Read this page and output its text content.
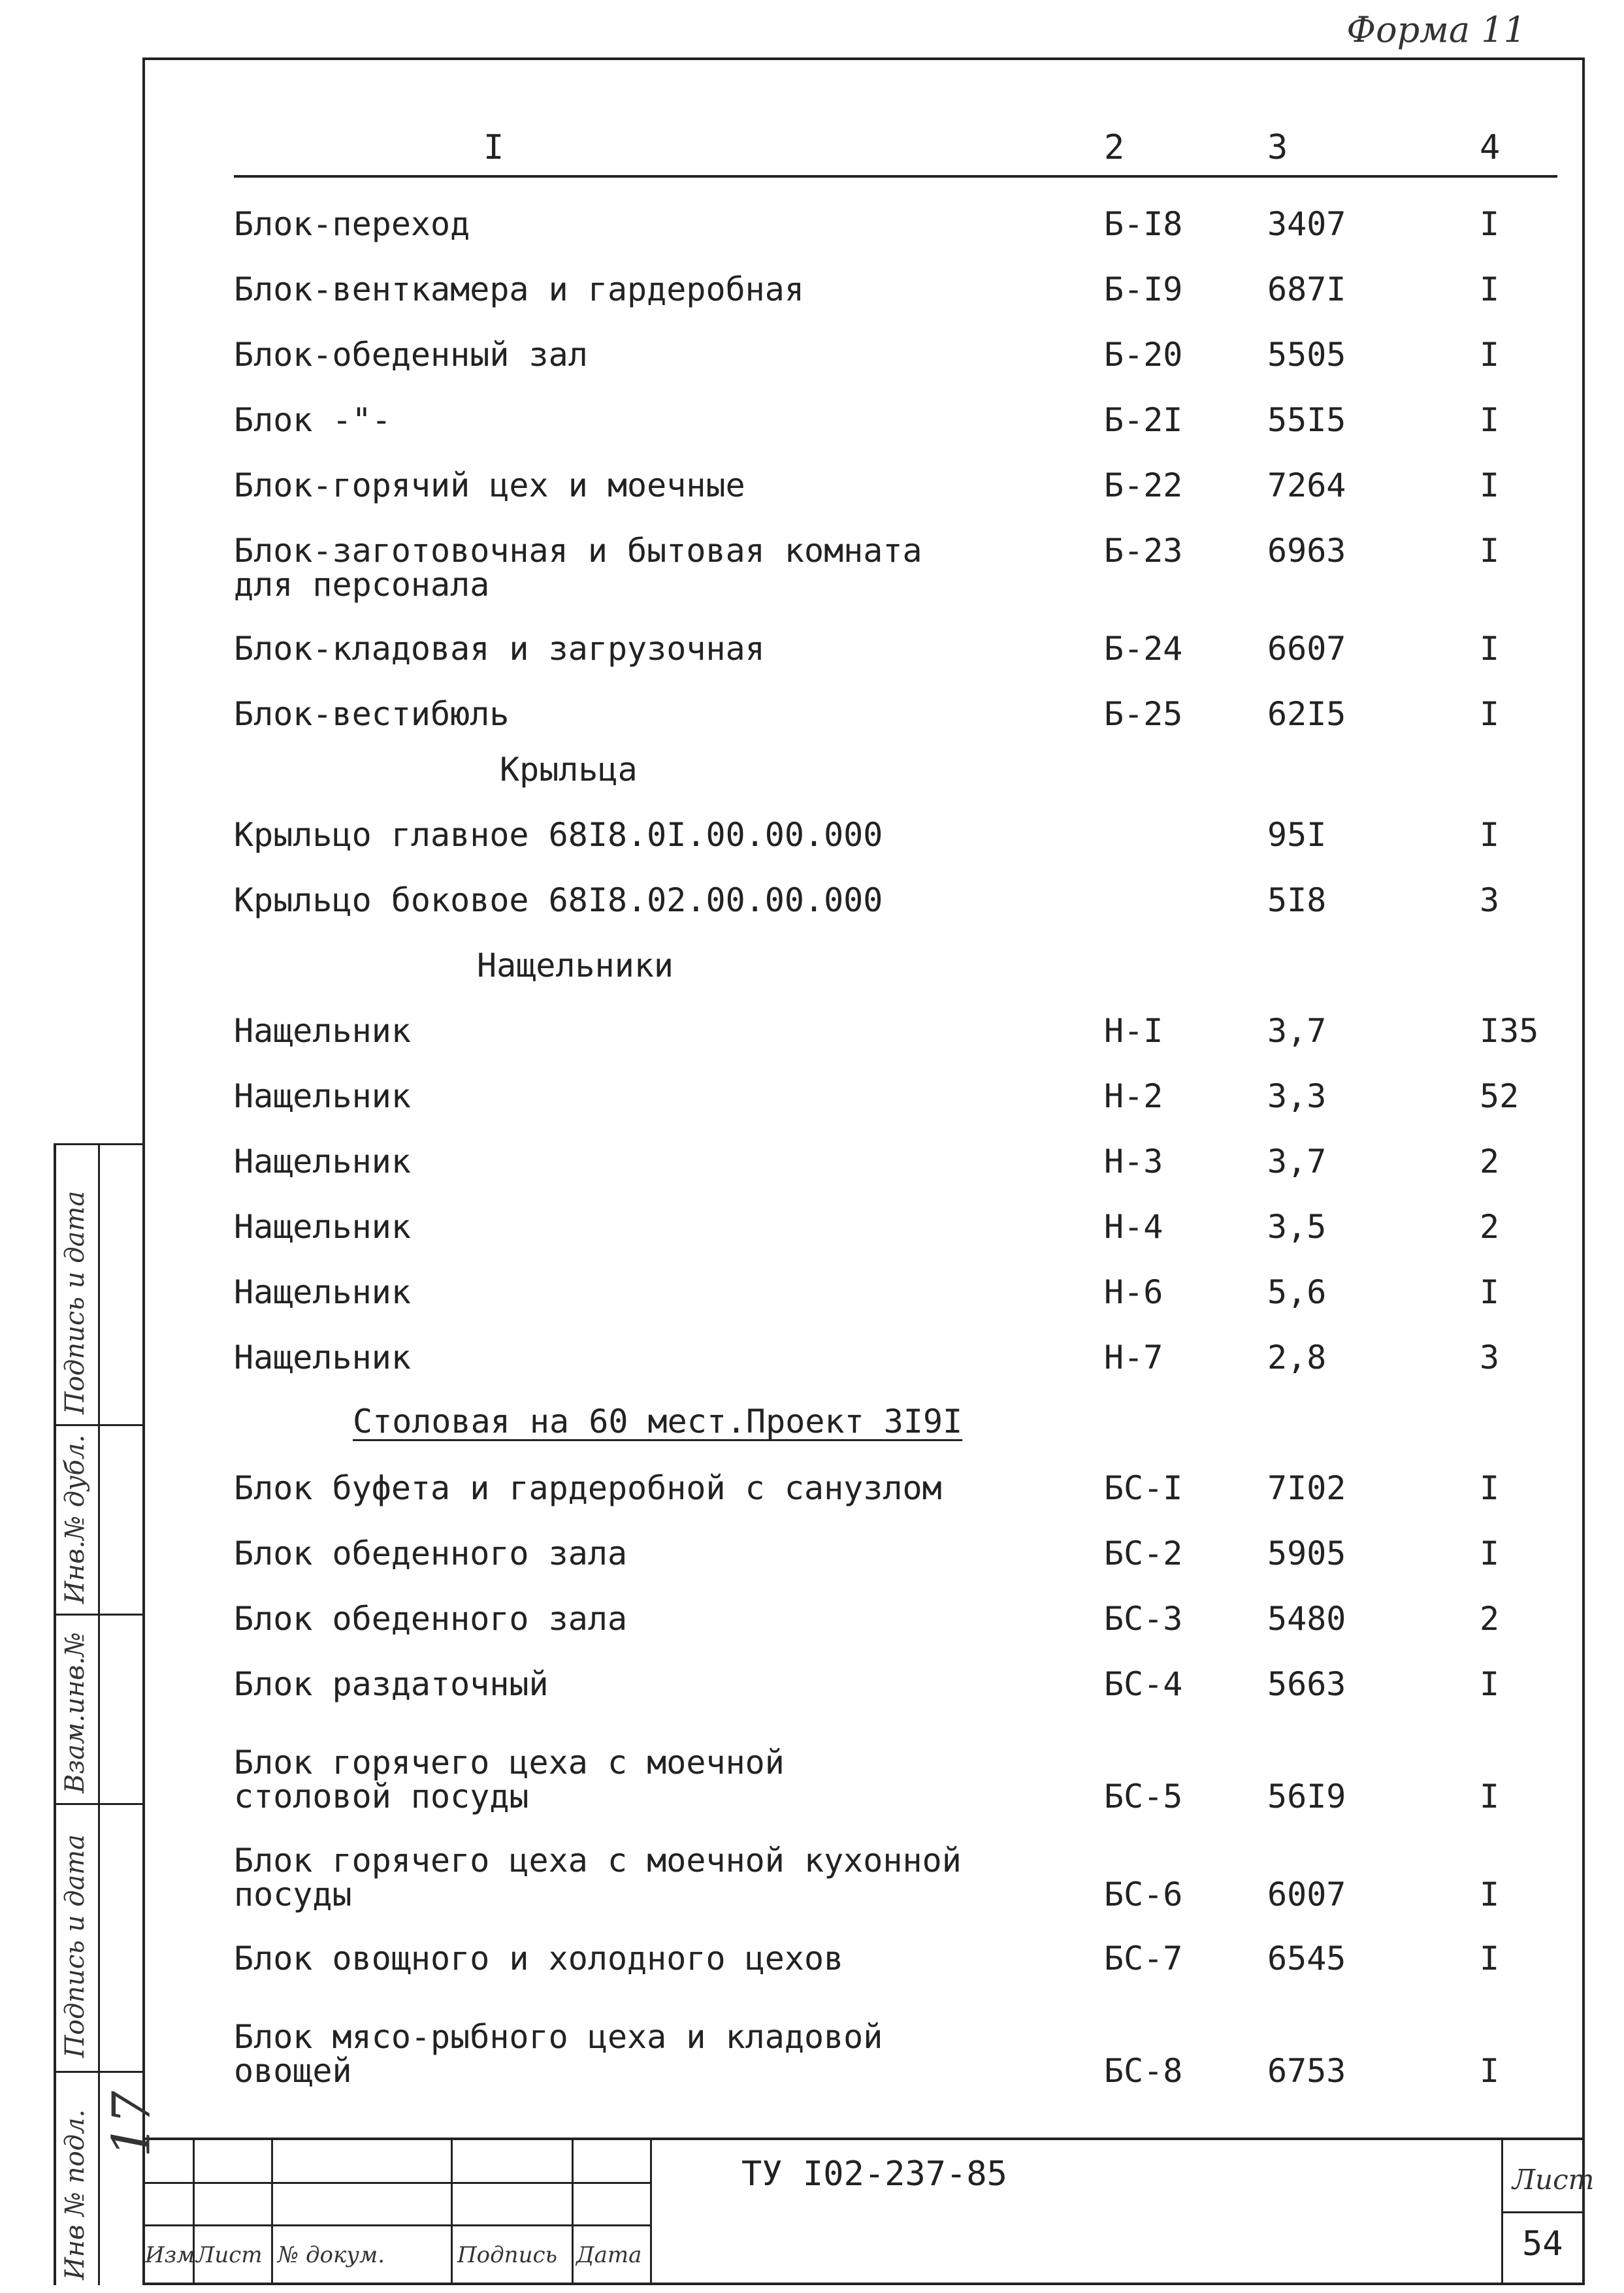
Форма 11
I	2	3	4
Блок-переход	Б-I8	3407	I
Блок-венткамера и гардеробная	Б-I9	687I	I
Блок-обеденный зал	Б-20	5505	I
Блок -"-	Б-2I	55I5	I
Блок-горячий цех и моечные	Б-22	7264	I
Блок-заготовочная и бытовая комната
для персонала
Б-23	6963	I
Блок-кладовая и загрузочная	Б-24	6607	I
Блок-вестибюль	Б-25	62I5	I
Крыльцо главное 68I8.0I.00.00.000	95I	I
Крыльцо боковое 68I8.02.00.00.000	5I8	3
Нащельник	Н-I	3,7	I35
Нащельник	Н-2	3,3	52
Нащельник	Н-3	3,7	2
Нащельник	Н-4	3,5	2
Нащельник	Н-6	5,6	I
Нащельник	Н-7	2,8	3
Блок буфета и гардеробной с санузлом	БС-I	7I02	I
Блок обеденного зала	БС-2	5905	I
Блок обеденного зала	БС-3	5480	2
Блок раздаточный	БС-4	5663	I
Блок горячего цеха с моечной
столовой посуды	БС-5	56I9	I
Блок горячего цеха с моечной кухонной
посуды	БС-6	6007	I
Блок овощного и холодного цехов	БС-7	6545	I
Блок мясо-рыбного цеха и кладовой
овощей	БС-8	6753	I
Крыльца
Нащельники
Столовая на 60 мест.Проект 3I9I
ТУ I02-237-85	Лист
54
Изм Лист № докум.	Подпись Дата
Инв № подл.
Подпись и дата
Взам.инв.№
Инв.№ дубл.
Подпись и дата
17
